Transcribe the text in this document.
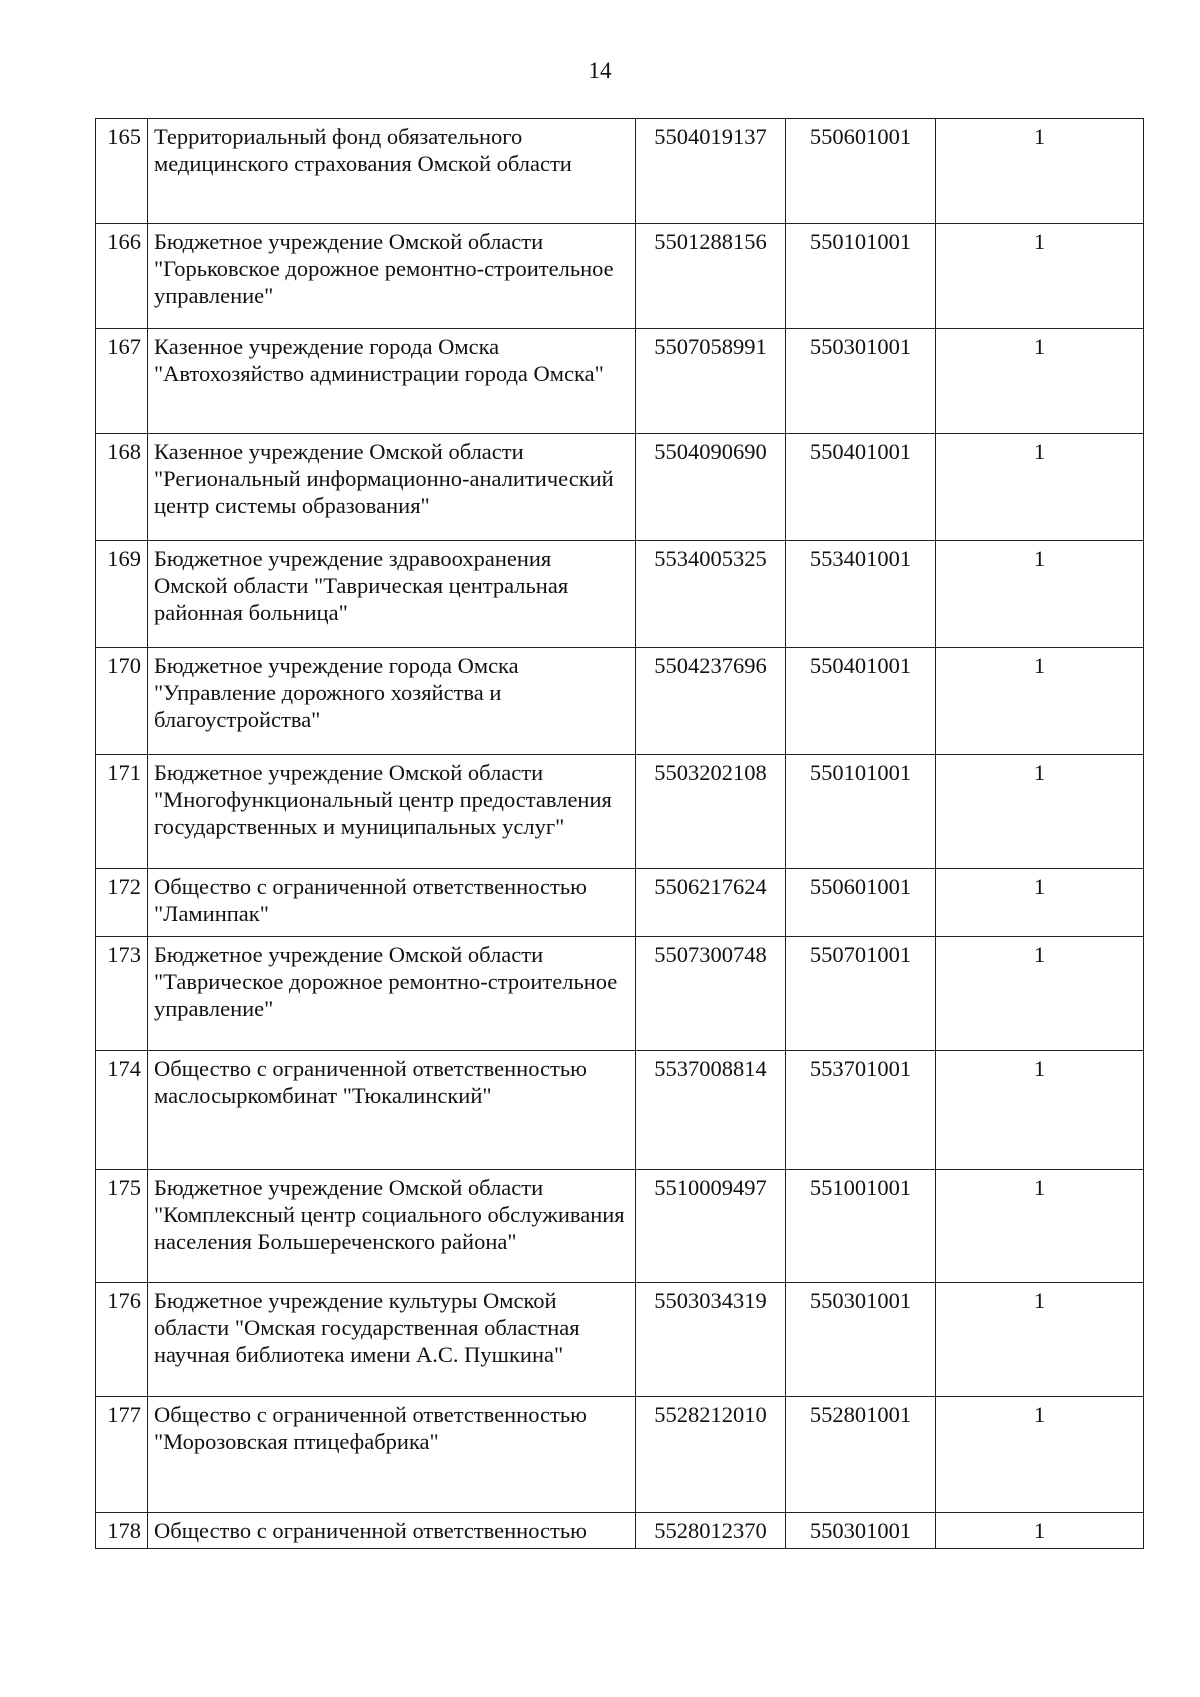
14
165	Территориальный фонд обязательного медицинского страхования Омской области	5504019137	550601001	1
166	Бюджетное учреждение Омской области "Горьковское дорожное ремонтно-строительное управление"	5501288156	550101001	1
167	Казенное учреждение города Омска "Автохозяйство администрации города Омска"	5507058991	550301001	1
168	Казенное учреждение Омской области "Региональный информационно-аналитический центр системы образования"	5504090690	550401001	1
169	Бюджетное учреждение здравоохранения Омской области "Таврическая центральная районная больница"	5534005325	553401001	1
170	Бюджетное учреждение города Омска "Управление дорожного хозяйства и благоустройства"	5504237696	550401001	1
171	Бюджетное учреждение Омской области "Многофункциональный центр предоставления государственных и муниципальных услуг"	5503202108	550101001	1
172	Общество с ограниченной ответственностью "Ламинпак"	5506217624	550601001	1
173	Бюджетное учреждение Омской области "Таврическое дорожное ремонтно-строительное управление"	5507300748	550701001	1
174	Общество с ограниченной ответственностью маслосыркомбинат "Тюкалинский"	5537008814	553701001	1
175	Бюджетное учреждение Омской области "Комплексный центр социального обслуживания населения Большереченского района"	5510009497	551001001	1
176	Бюджетное учреждение культуры Омской области "Омская государственная областная научная библиотека имени А.С. Пушкина"	5503034319	550301001	1
177	Общество с ограниченной ответственностью "Морозовская птицефабрика"	5528212010	552801001	1
178	Общество с ограниченной ответственностью	5528012370	550301001	1
